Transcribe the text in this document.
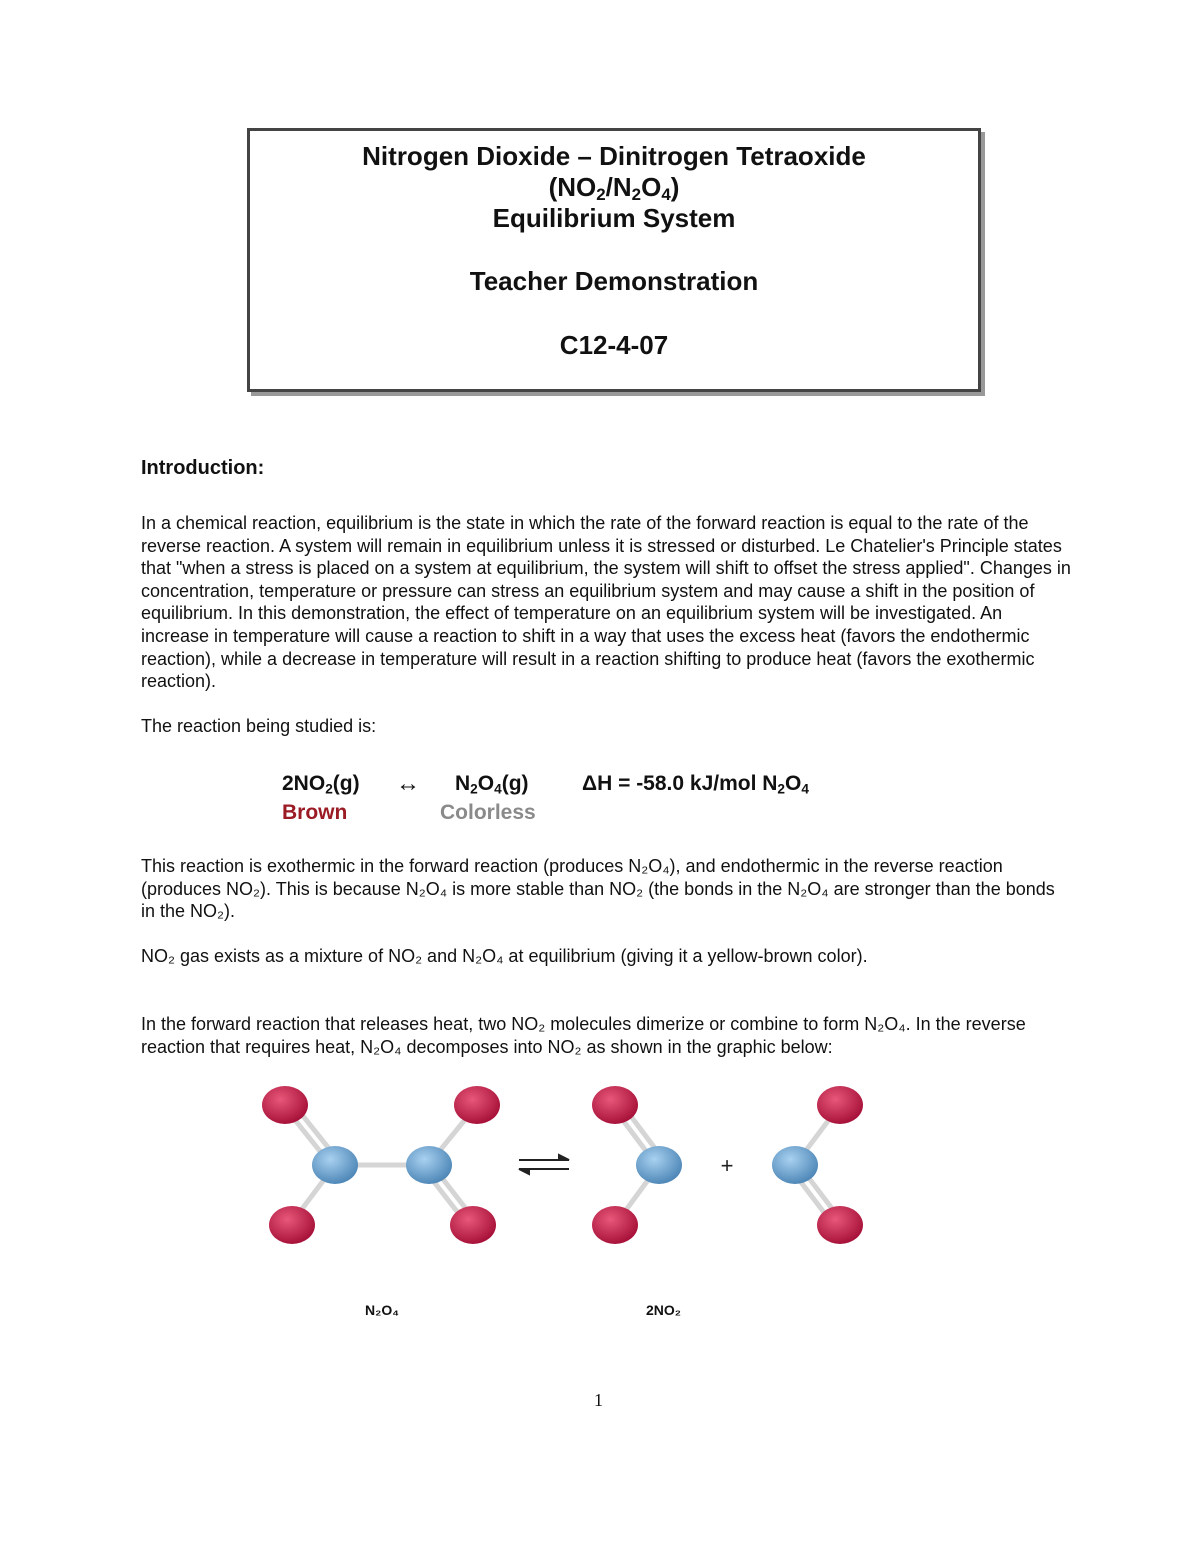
Nitrogen Dioxide – Dinitrogen Tetraoxide
$(NO_2/N_2O_4)$
Equilibrium System
Teacher Demonstration
C12-4-07
Introduction:
In a chemical reaction, equilibrium is the state in which the rate of the forward reaction is equal to the rate of the reverse reaction. A system will remain in equilibrium unless it is stressed or disturbed. Le Chatelier's Principle states that "when a stress is placed on a system at equilibrium, the system will shift to offset the stress applied". Changes in concentration, temperature or pressure can stress an equilibrium system and may cause a shift in the position of equilibrium. In this demonstration, the effect of temperature on an equilibrium system will be investigated. An increase in temperature will cause a reaction to shift in a way that uses the excess heat (favors the endothermic reaction), while a decrease in temperature will result in a reaction shifting to produce heat (favors the exothermic reaction).
The reaction being studied is:
$2NO_2(g)$ ↔ $N_2O_4(g)$	ΔH = -58.0 kJ/mol $N_2O_4$
Brown	Colorless
This reaction is exothermic in the forward reaction (produces N₂O₄), and endothermic in the reverse reaction (produces NO₂). This is because N₂O₄ is more stable than NO₂ (the bonds in the N₂O₄ are stronger than the bonds in the NO₂).
NO₂ gas exists as a mixture of NO₂ and N₂O₄ at equilibrium (giving it a yellow-brown color).
In the forward reaction that releases heat, two NO₂ molecules dimerize or combine to form N₂O₄. In the reverse reaction that requires heat, N₂O₄ decomposes into NO₂ as shown in the graphic below:
+
N₂O₄	2NO₂
1
